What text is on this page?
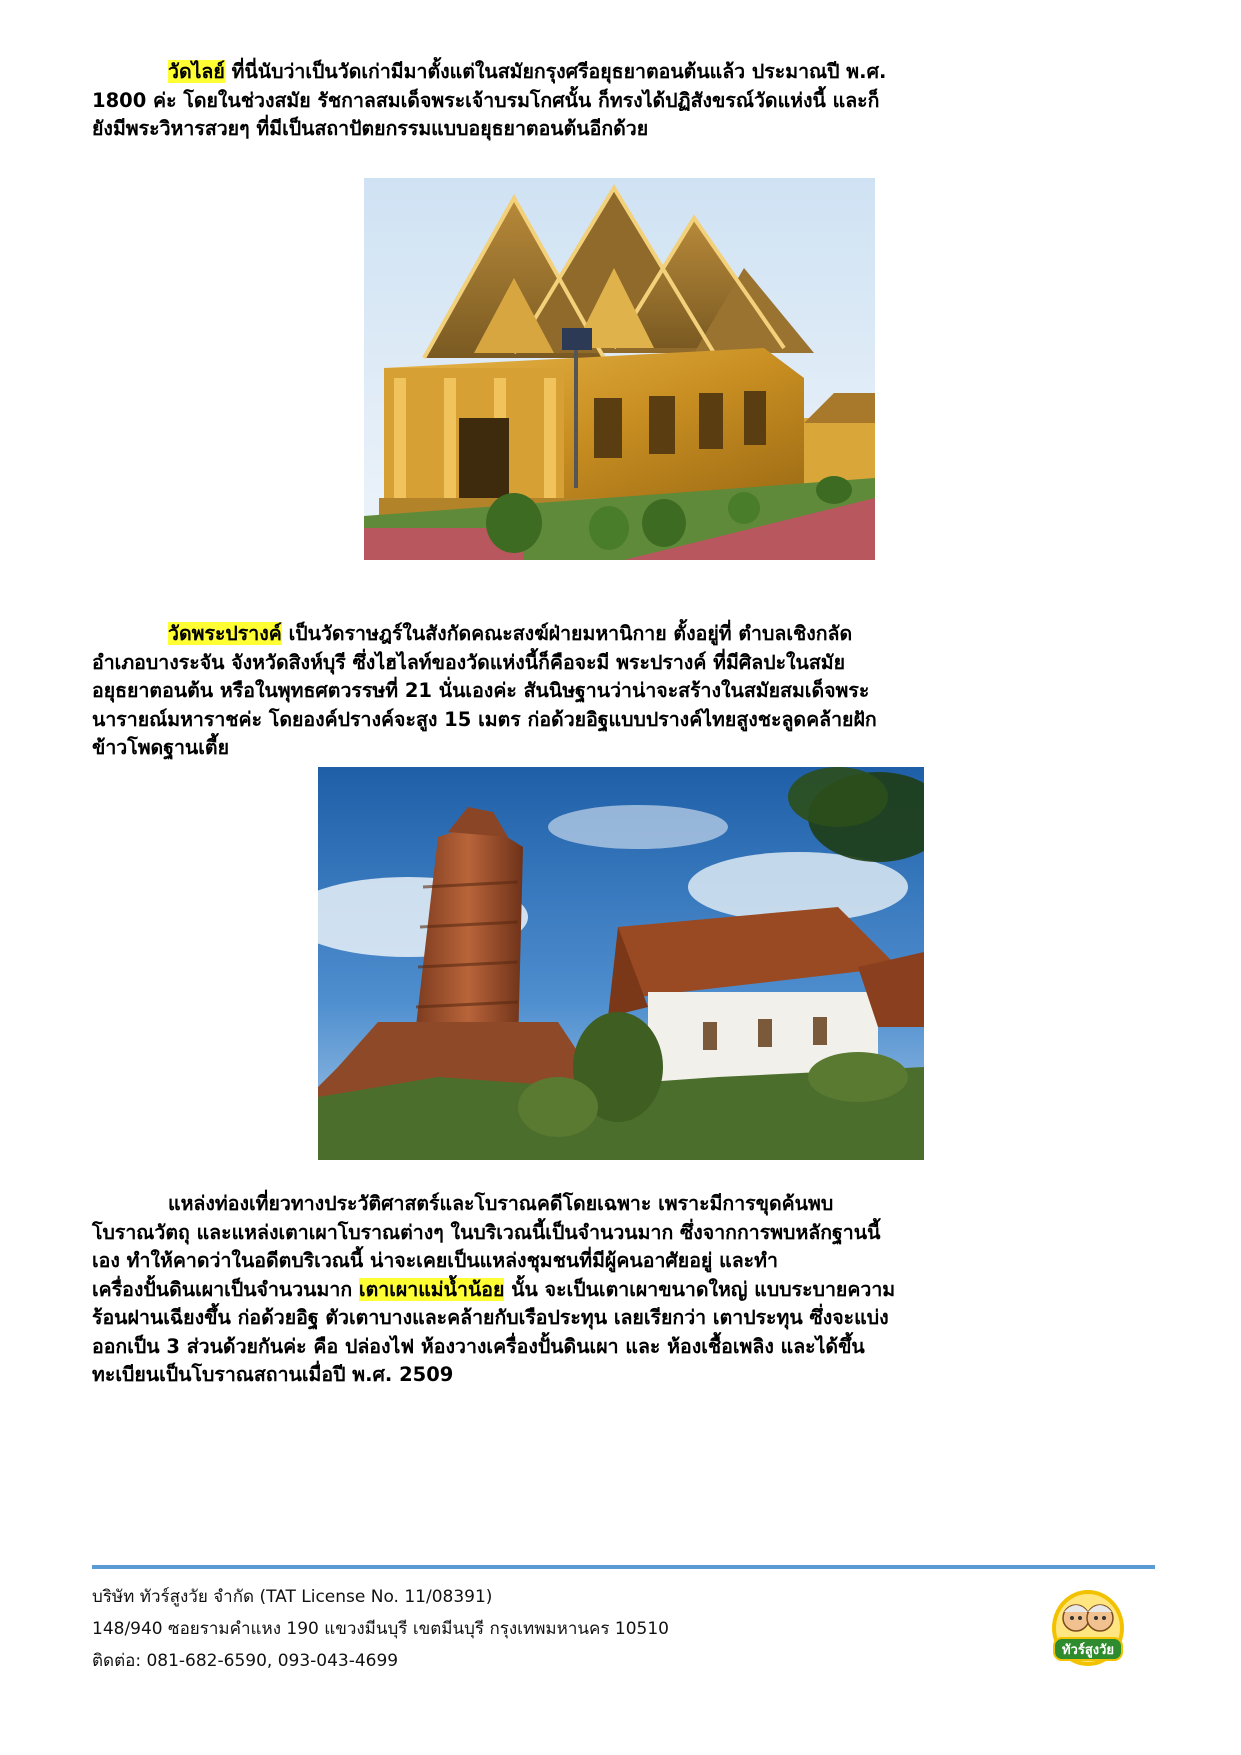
วัดไลย์ ที่นี่นับว่าเป็นวัดเก่ามีมาตั้งแต่ในสมัยกรุงศรีอยุธยาตอนต้นแล้ว ประมาณปี พ.ศ.
1800 ค่ะ โดยในช่วงสมัย รัชกาลสมเด็จพระเจ้าบรมโกศนั้น ก็ทรงได้ปฏิสังขรณ์วัดแห่งนี้ และก็
ยังมีพระวิหารสวยๆ ที่มีเป็นสถาปัตยกรรมแบบอยุธยาตอนต้นอีกด้วย
วัดพระปรางค์ เป็นวัดราษฎร์ในสังกัดคณะสงฆ์ฝ่ายมหานิกาย ตั้งอยู่ที่ ตำบลเชิงกลัด
อำเภอบางระจัน จังหวัดสิงห์บุรี ซึ่งไฮไลท์ของวัดแห่งนี้ก็คือจะมี พระปรางค์ ที่มีศิลปะในสมัย
อยุธยาตอนต้น หรือในพุทธศตวรรษที่ 21 นั่นเองค่ะ สันนิษฐานว่าน่าจะสร้างในสมัยสมเด็จพระ
นารายณ์มหาราชค่ะ โดยองค์ปรางค์จะสูง 15 เมตร ก่อด้วยอิฐแบบปรางค์ไทยสูงชะลูดคล้ายฝัก
ข้าวโพดฐานเตี้ย
แหล่งท่องเที่ยวทางประวัติศาสตร์และโบราณคดีโดยเฉพาะ เพราะมีการขุดค้นพบ
โบราณวัตถุ และแหล่งเตาเผาโบราณต่างๆ ในบริเวณนี้เป็นจำนวนมาก ซึ่งจากการพบหลักฐานนี้
เอง ทำให้คาดว่าในอดีตบริเวณนี้ น่าจะเคยเป็นแหล่งชุมชนที่มีผู้คนอาศัยอยู่ และทำ
เครื่องปั้นดินเผาเป็นจำนวนมาก เตาเผาแม่น้ำน้อย นั้น จะเป็นเตาเผาขนาดใหญ่ แบบระบายความ
ร้อนฝานเฉียงขึ้น ก่อด้วยอิฐ ตัวเตาบางและคล้ายกับเรือประทุน เลยเรียกว่า เตาประทุน ซึ่งจะแบ่ง
ออกเป็น 3 ส่วนด้วยกันค่ะ คือ ปล่องไฟ ห้องวางเครื่องปั้นดินเผา และ ห้องเชื้อเพลิง และได้ขึ้น
ทะเบียนเป็นโบราณสถานเมื่อปี พ.ศ. 2509
บริษัท ทัวร์สูงวัย จำกัด (TAT License No. 11/08391)
148/940 ซอยรามคำแหง 190 แขวงมีนบุรี เขตมีนบุรี กรุงเทพมหานคร 10510
ติดต่อ: 081-682-6590, 093-043-4699
ทัวร์สูงวัย
